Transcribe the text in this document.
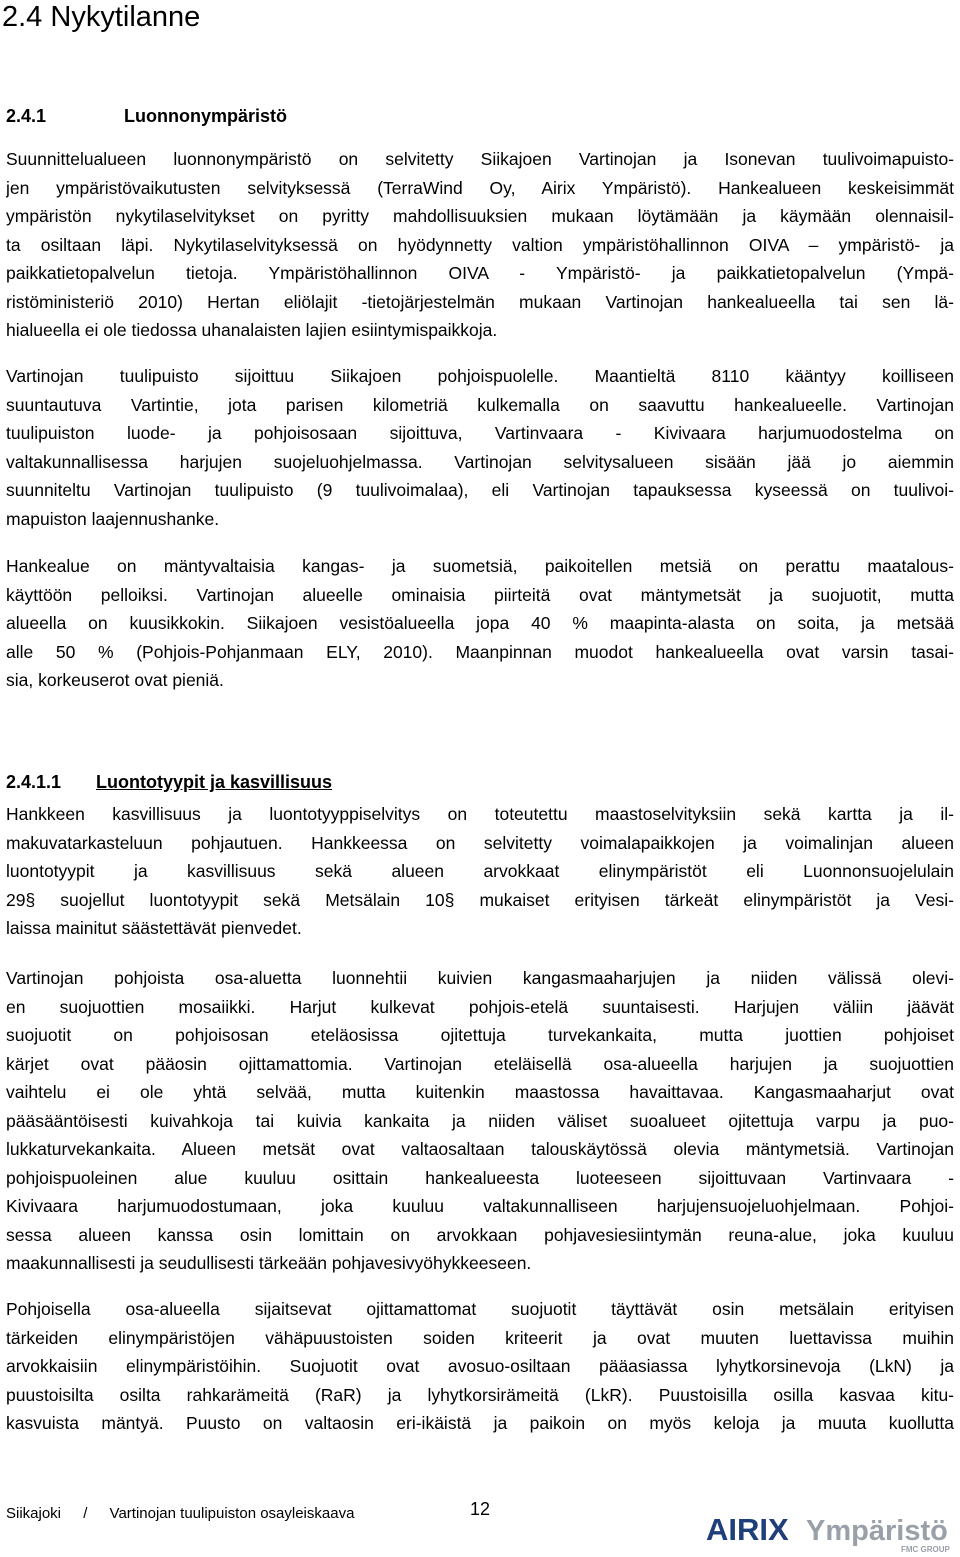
2.4 Nykytilanne
2.4.1	Luonnonympäristö
Suunnittelualueen luonnonympäristö on selvitetty Siikajoen Vartinojan ja Isonevan tuulivoimapuisto-
jen ympäristövaikutusten selvityksessä (TerraWind Oy, Airix Ympäristö). Hankealueen keskeisimmät
ympäristön nykytilaselvitykset on pyritty mahdollisuuksien mukaan löytämään ja käymään olennaisil-
ta osiltaan läpi. Nykytilaselvityksessä on hyödynnetty valtion ympäristöhallinnon OIVA – ympäristö- ja
paikkatietopalvelun tietoja. Ympäristöhallinnon OIVA - Ympäristö- ja paikkatietopalvelun (Ympä-
ristöministeriö 2010) Hertan eliölajit -tietojärjestelmän mukaan Vartinojan hankealueella tai sen lä-
hialueella ei ole tiedossa uhanalaisten lajien esiintymispaikkoja.
Vartinojan tuulipuisto sijoittuu Siikajoen pohjoispuolelle. Maantieltä 8110 kääntyy koilliseen
suuntautuva Vartintie, jota parisen kilometriä kulkemalla on saavuttu hankealueelle. Vartinojan
tuulipuiston luode- ja pohjoisosaan sijoittuva, Vartinvaara - Kivivaara harjumuodostelma on
valtakunnallisessa harjujen suojeluohjelmassa. Vartinojan selvitysalueen sisään jää jo aiemmin
suunniteltu Vartinojan tuulipuisto (9 tuulivoimalaa), eli Vartinojan tapauksessa kyseessä on tuulivoi-
mapuiston laajennushanke.
Hankealue on mäntyvaltaisia kangas- ja suometsiä, paikoitellen metsiä on perattu maatalous-
käyttöön pelloiksi. Vartinojan alueelle ominaisia piirteitä ovat mäntymetsät ja suojuotit, mutta
alueella on kuusikkokin. Siikajoen vesistöalueella jopa 40 % maapinta-alasta on soita, ja metsää
alle 50 % (Pohjois-Pohjanmaan ELY, 2010). Maanpinnan muodot hankealueella ovat varsin tasai-
sia, korkeuserot ovat pieniä.
2.4.1.1 Luontotyypit ja kasvillisuus
Hankkeen kasvillisuus ja luontotyyppiselvitys on toteutettu maastoselvityksiin sekä kartta ja il-
makuvatarkasteluun pohjautuen. Hankkeessa on selvitetty voimalapaikkojen ja voimalinjan alueen
luontotyypit ja kasvillisuus sekä alueen arvokkaat elinympäristöt eli Luonnonsuojelulain
29§ suojellut luontotyypit sekä Metsälain 10§ mukaiset erityisen tärkeät elinympäristöt ja Vesi-
laissa mainitut säästettävät pienvedet.
Vartinojan pohjoista osa-aluetta luonnehtii kuivien kangasmaaharjujen ja niiden välissä olevi-
en suojuottien mosaiikki. Harjut kulkevat pohjois-etelä suuntaisesti. Harjujen väliin jäävät
suojuotit on pohjoisosan eteläosissa ojitettuja turvekankaita, mutta juottien pohjoiset
kärjet ovat pääosin ojittamattomia. Vartinojan eteläisellä osa-alueella harjujen ja suojuottien
vaihtelu ei ole yhtä selvää, mutta kuitenkin maastossa havaittavaa. Kangasmaaharjut ovat
pääsääntöisesti kuivahkoja tai kuivia kankaita ja niiden väliset suoalueet ojitettuja varpu ja puo-
lukkaturvekankaita. Alueen metsät ovat valtaosaltaan talouskäytössä olevia mäntymetsiä. Vartinojan
pohjoispuoleinen alue kuuluu osittain hankealueesta luoteeseen sijoittuvaan Vartinvaara -
Kivivaara harjumuodostumaan, joka kuuluu valtakunnalliseen harjujensuojeluohjelmaan. Pohjoi-
sessa alueen kanssa osin lomittain on arvokkaan pohjavesiesiintymän reuna-alue, joka kuuluu
maakunnallisesti ja seudullisesti tärkeään pohjavesivyöhykkeeseen.
Pohjoisella osa-alueella sijaitsevat ojittamattomat suojuotit täyttävät osin metsälain erityisen
tärkeiden elinympäristöjen vähäpuustoisten soiden kriteerit ja ovat muuten luettavissa muihin
arvokkaisiin elinympäristöihin. Suojuotit ovat avosuo-osiltaan pääasiassa lyhytkorsinevoja (LkN) ja
puustoisilta osilta rahkarämeitä (RaR) ja lyhytkorsirämeitä (LkR). Puustoisilla osilla kasvaa kitu-
kasvuista mäntyä. Puusto on valtaosin eri-ikäistä ja paikoin on myös keloja ja muuta kuollutta
Siikajoki / Vartinojan tuulipuiston osayleiskaava	12
AIRIX Ympäristö
FMC GROUP
